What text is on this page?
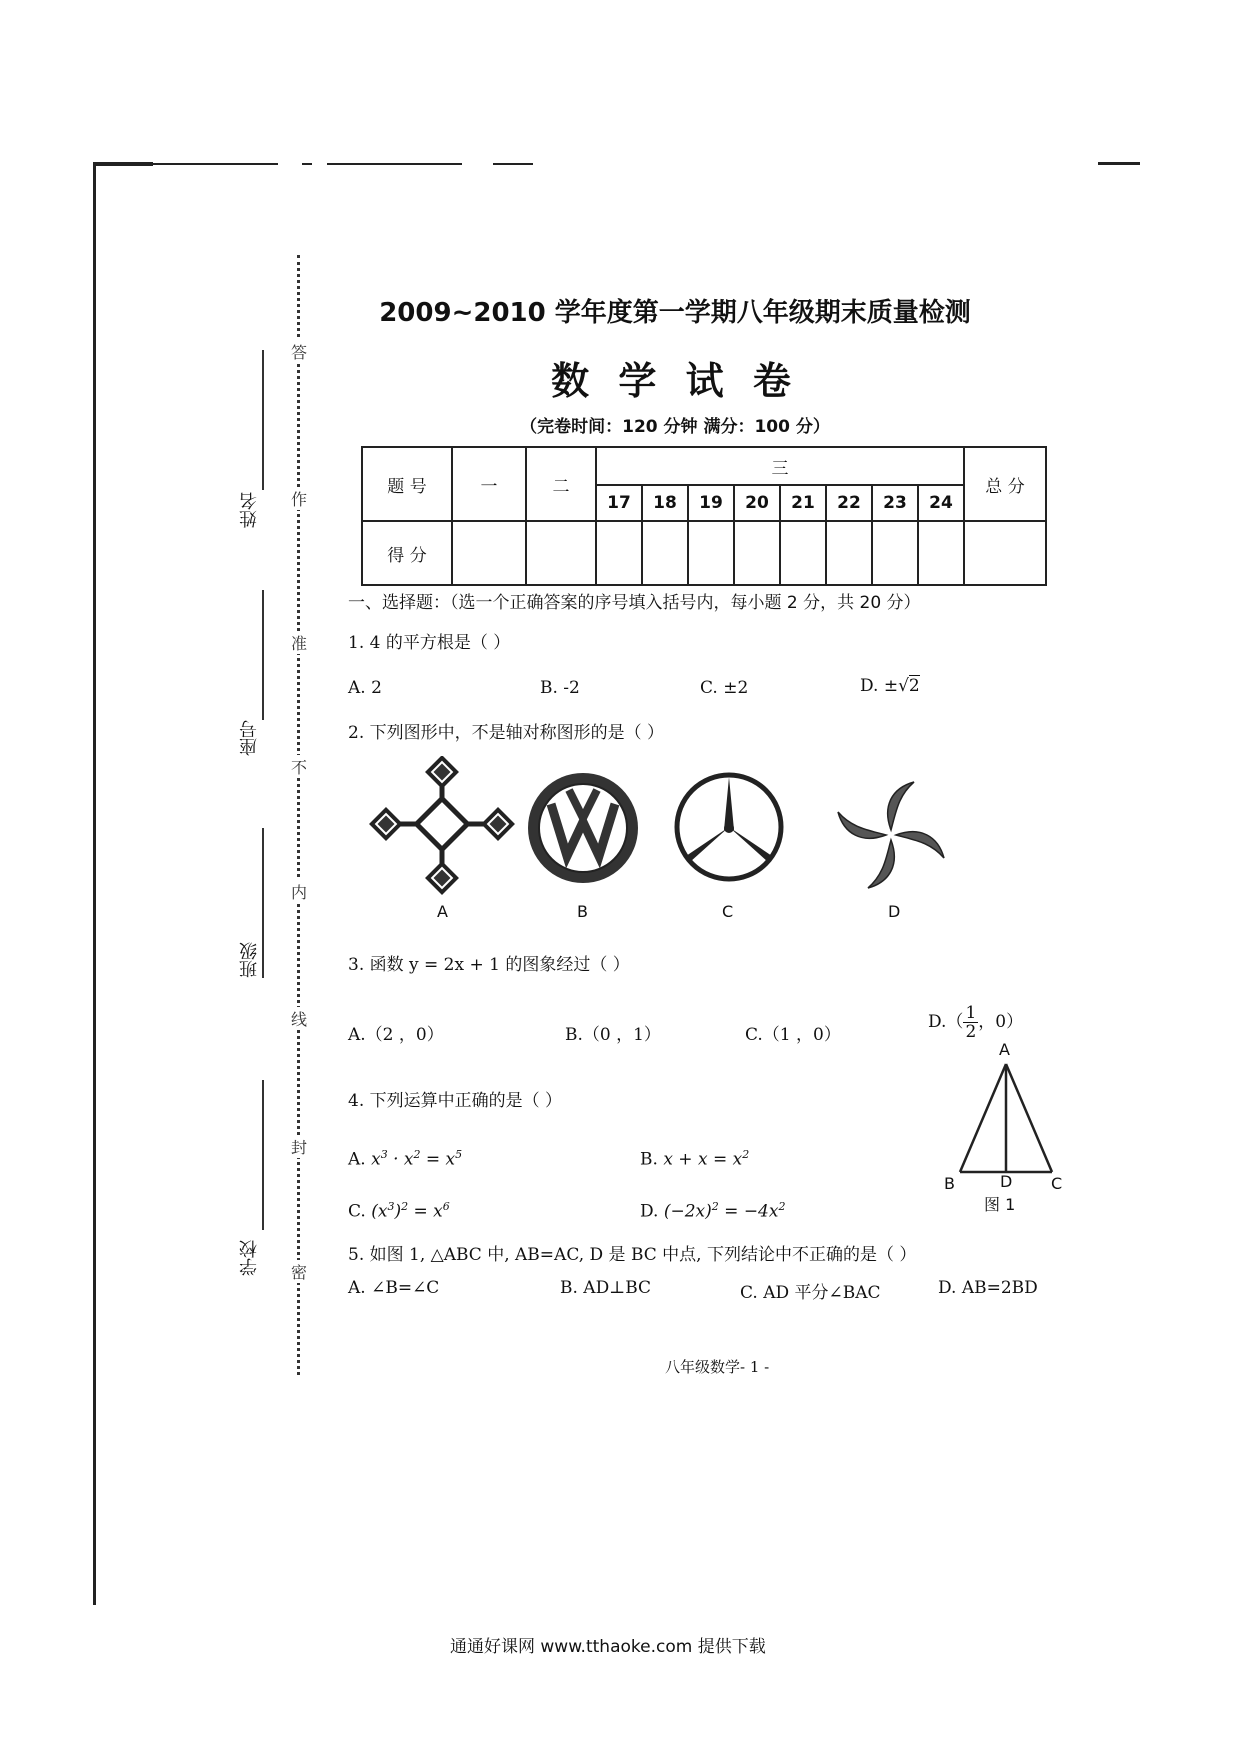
答
作
准
不
内
线
封
密
姓名
座号
班级
学校
2009~2010 学年度第一学期八年级期末质量检测
数 学 试 卷
（完卷时间：120 分钟 满分：100 分）
题 号	一	二	三								总 分
			17	18	19	20	21	22	23	24	
得 分											
一、选择题：（选一个正确答案的序号填入括号内，每小题 2 分，共 20 分）
1. 4 的平方根是（ ）
A. 2	B. -2	C. ±2	D. ±√2
2. 下列图形中，不是轴对称图形的是（ ）
A	B	C	D
3. 函数 y = 2x + 1 的图象经过（ ）
A.（2 ，0）	B.（0 ，1）	C.（1 ，0）
$D.( \frac{1}{2}$ ，0）
A
B	D C
图 1
4. 下列运算中正确的是（ ）
A. $x^3 \cdot x^2 = x^5$	B. $x + x = x^2$
C. $(x^3)^2 = x^6$	D. $(-2x)^2 = -4x^2$
5. 如图 1, △ABC 中, AB=AC, D 是 BC 中点, 下列结论中不正确的是（ ）
A. ∠B=∠C	B. AD⊥BC	C. AD 平分∠BAC	D. AB=2BD
八年级数学- 1 -
通通好课网 www.tthaoke.com 提供下载
